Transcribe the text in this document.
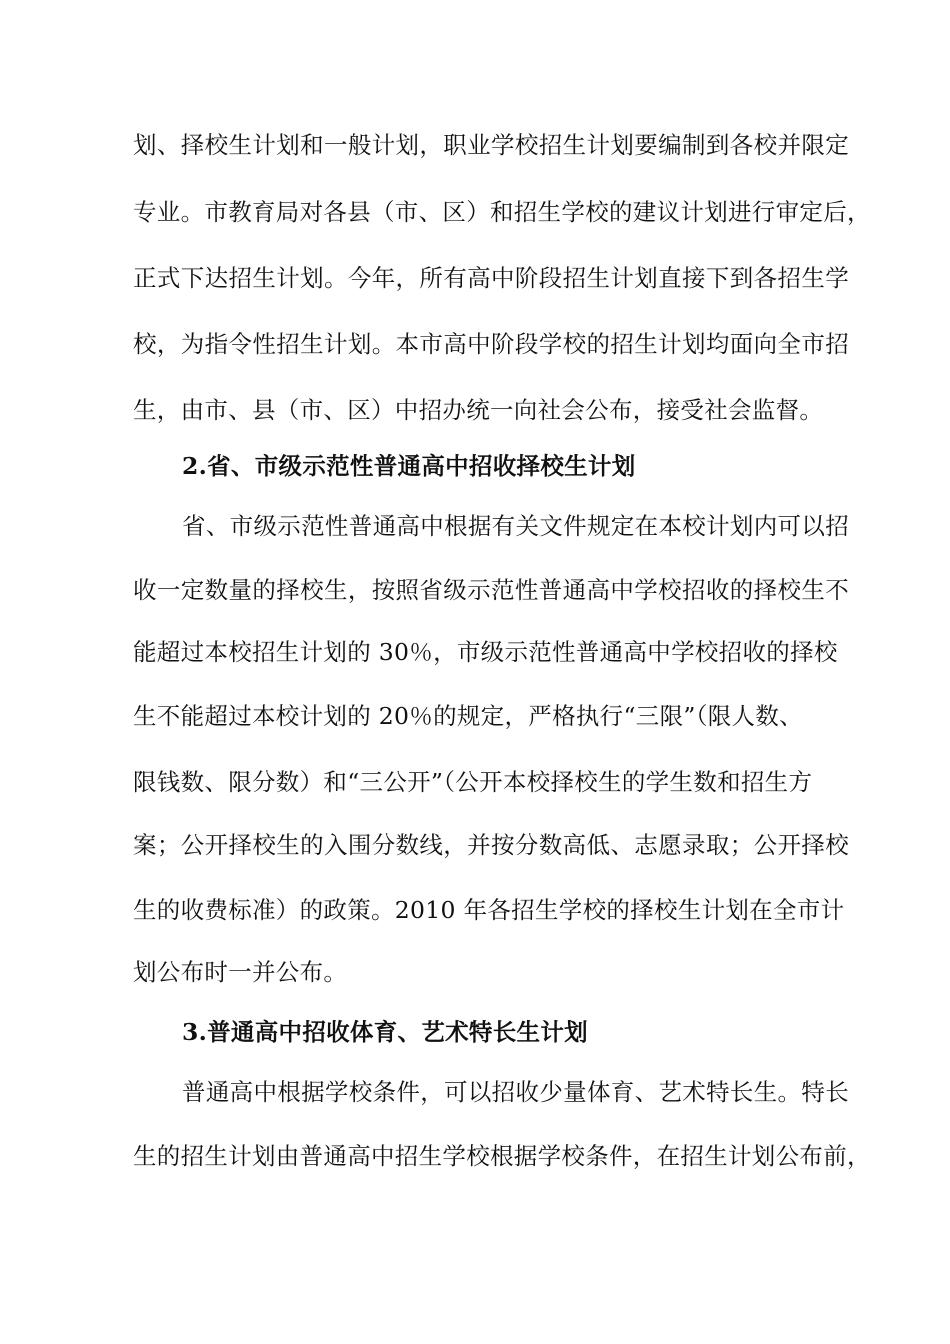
划、择校生计划和一般计划，职业学校招生计划要编制到各校并限定
专业。市教育局对各县（市、区）和招生学校的建议计划进行审定后，
正式下达招生计划。今年，所有高中阶段招生计划直接下到各招生学
校，为指令性招生计划。本市高中阶段学校的招生计划均面向全市招
生，由市、县（市、区）中招办统一向社会公布，接受社会监督。
2.省、市级示范性普通高中招收择校生计划
省、市级示范性普通高中根据有关文件规定在本校计划内可以招
收一定数量的择校生，按照省级示范性普通高中学校招收的择校生不
能超过本校招生计划的 30％，市级示范性普通高中学校招收的择校
生不能超过本校计划的 20％的规定，严格执行“三限”（限人数、
限钱数、限分数）和“三公开”（公开本校择校生的学生数和招生方
案；公开择校生的入围分数线，并按分数高低、志愿录取；公开择校
生的收费标准）的政策。2010 年各招生学校的择校生计划在全市计
划公布时一并公布。
3.普通高中招收体育、艺术特长生计划
普通高中根据学校条件，可以招收少量体育、艺术特长生。特长
生的招生计划由普通高中招生学校根据学校条件，在招生计划公布前，
